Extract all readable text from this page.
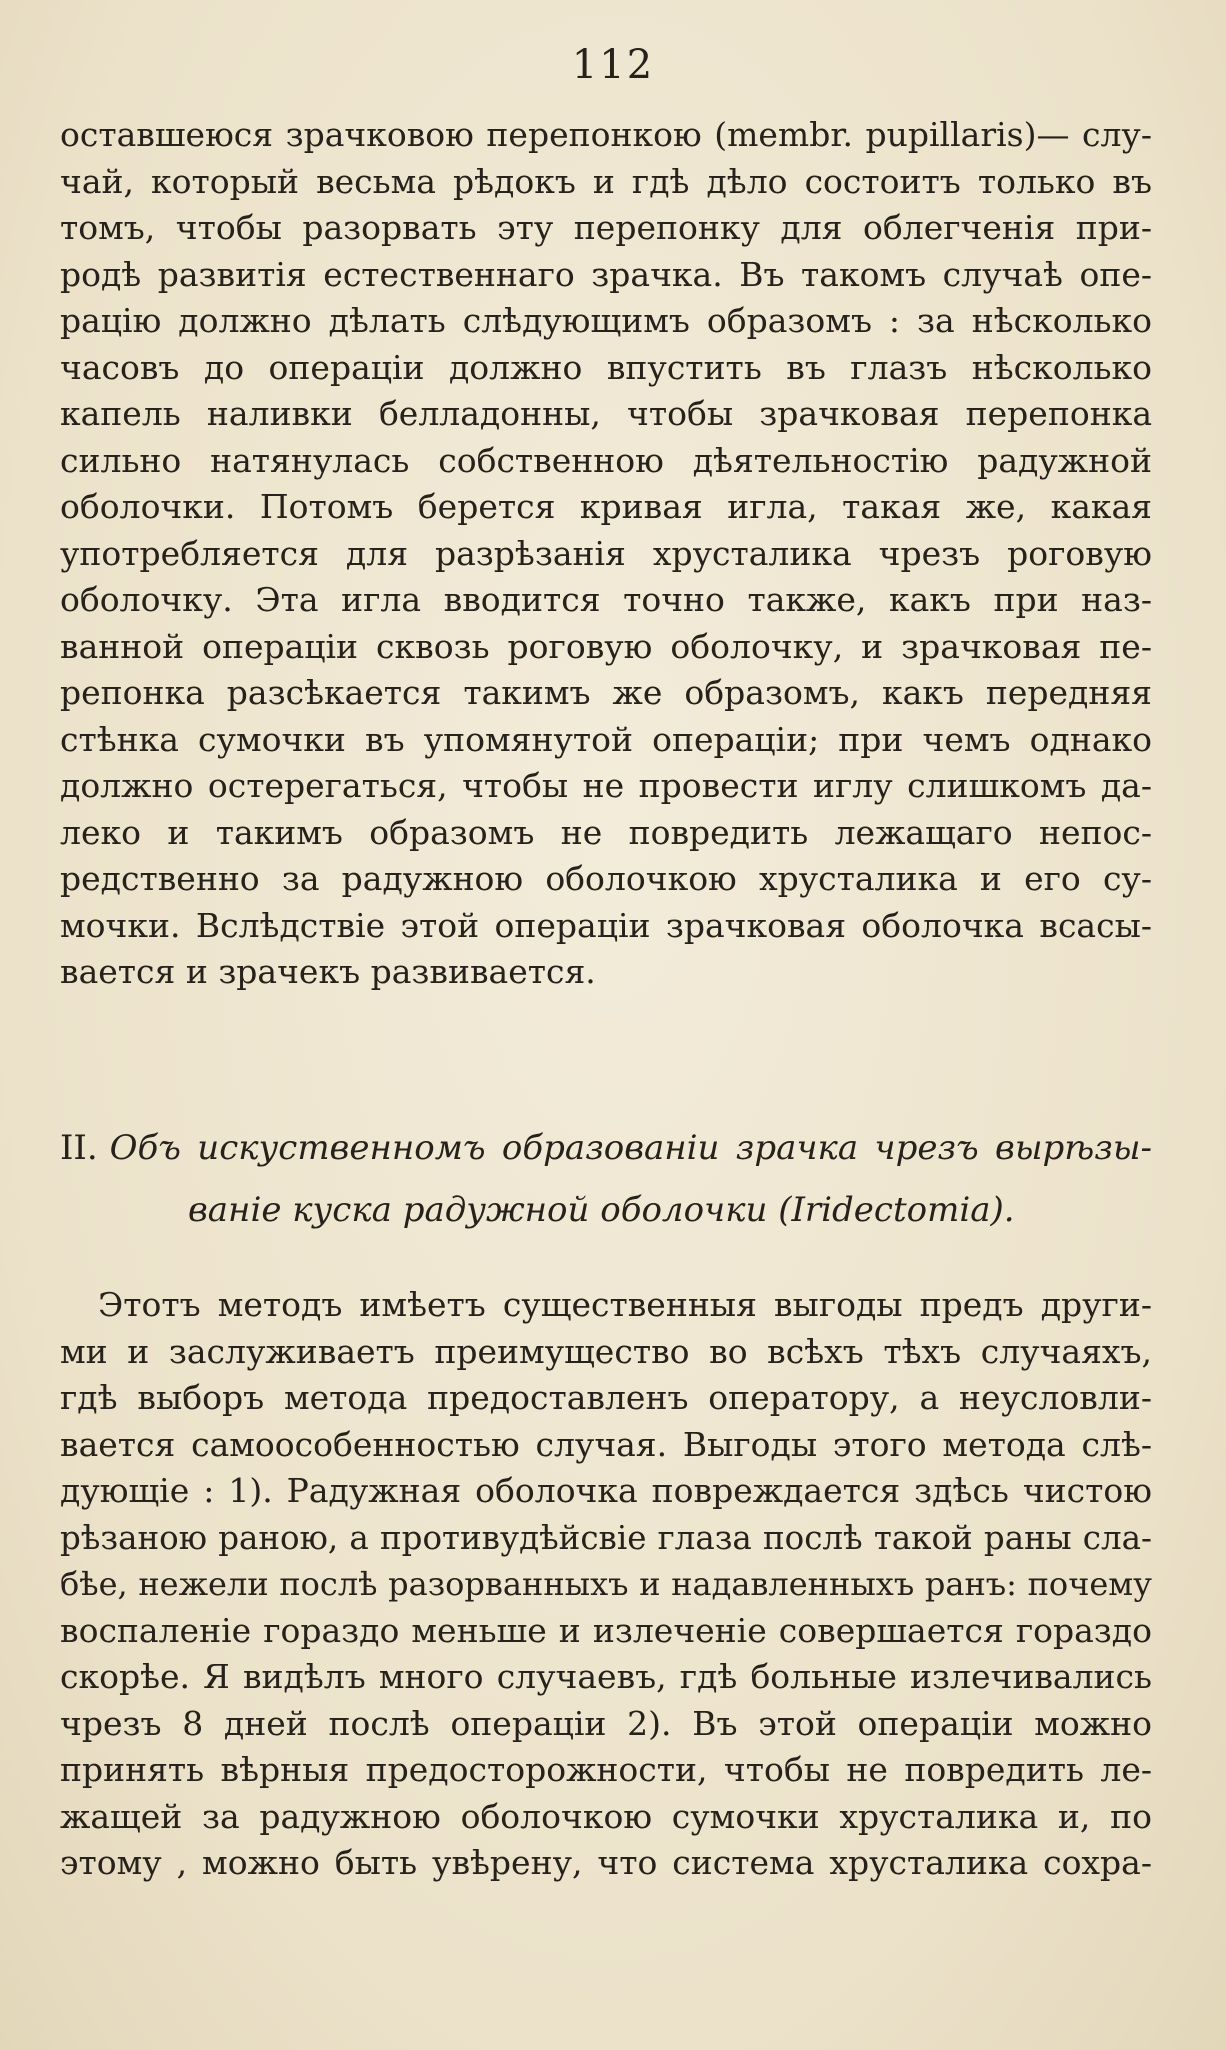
112
оставшеюся зрачковою перепонкою (membr. pupillaris)— слу-
чай, который весьма рѣдокъ и гдѣ дѣло состоитъ только въ
томъ, чтобы разорвать эту перепонку для облегченія при-
родѣ развитія естественнаго зрачка. Въ такомъ случаѣ опе-
рацію должно дѣлать слѣдующимъ образомъ : за нѣсколько
часовъ до операціи должно впустить въ глазъ нѣсколько
капель наливки белладонны, чтобы зрачковая перепонка
сильно натянулась собственною дѣятельностію радужной
оболочки. Потомъ берется кривая игла, такая же, какая
употребляется для разрѣзанія хрусталика чрезъ роговую
оболочку. Эта игла вводится точно также, какъ при наз-
ванной операціи сквозь роговую оболочку, и зрачковая пе-
репонка разсѣкается такимъ же образомъ, какъ передняя
стѣнка сумочки въ упомянутой операціи; при чемъ однако
должно остерегаться, чтобы не провести иглу слишкомъ да-
леко и такимъ образомъ не повредить лежащаго непос-
редственно за радужною оболочкою хрусталика и его су-
мочки. Вслѣдствіе этой операціи зрачковая оболочка всасы-
вается и зрачекъ развивается.
II. Объ искуственномъ образованіи зрачка чрезъ вырѣзы-
ваніе куска радужной оболочки (Iridectomia).
Этотъ методъ имѣетъ существенныя выгоды предъ други-
ми и заслуживаетъ преимущество во всѣхъ тѣхъ случаяхъ,
гдѣ выборъ метода предоставленъ оператору, а неусловли-
вается самоособенностью случая. Выгоды этого метода слѣ-
дующіе : 1). Радужная оболочка повреждается здѣсь чистою
рѣзаною раною, а противудѣйсвіе глаза послѣ такой раны сла-
бѣе, нежели послѣ разорванныхъ и надавленныхъ ранъ: почему
воспаленіе гораздо меньше и излеченіе совершается гораздо
скорѣе. Я видѣлъ много случаевъ, гдѣ больные излечивались
чрезъ 8 дней послѣ операціи 2). Въ этой операціи можно
принять вѣрныя предосторожности, чтобы не повредить ле-
жащей за радужною оболочкою сумочки хрусталика и, по
этому , можно быть увѣрену, что система хрусталика сохра-
